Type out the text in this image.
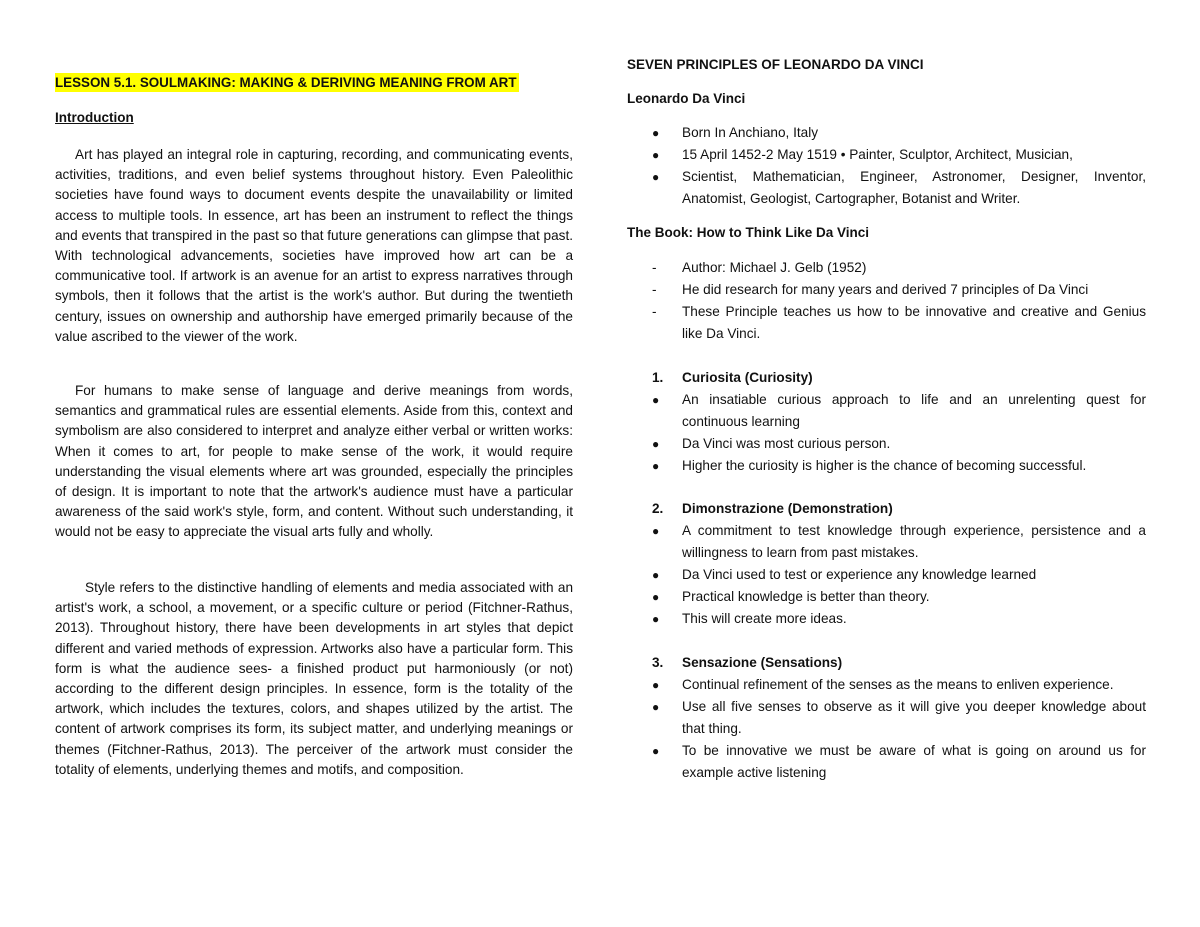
LESSON 5.1. SOULMAKING: MAKING & DERIVING MEANING FROM ART
Introduction

Art has played an integral role in capturing, recording, and communicating events, activities, traditions, and even belief systems throughout history. Even Paleolithic societies have found ways to document events despite the unavailability or limited access to multiple tools. In essence, art has been an instrument to reflect the things and events that transpired in the past so that future generations can glimpse that past. With technological advancements, societies have improved how art can be a communicative tool. If artwork is an avenue for an artist to express narratives through symbols, then it follows that the artist is the work's author. But during the twentieth century, issues on ownership and authorship have emerged primarily because of the value ascribed to the viewer of the work.

For humans to make sense of language and derive meanings from words, semantics and grammatical rules are essential elements. Aside from this, context and symbolism are also considered to interpret and analyze either verbal or written works: When it comes to art, for people to make sense of the work, it would require understanding the visual elements where art was grounded, especially the principles of design. It is important to note that the artwork's audience must have a particular awareness of the said work's style, form, and content. Without such understanding, it would not be easy to appreciate the visual arts fully and wholly.

Style refers to the distinctive handling of elements and media associated with an artist's work, a school, a movement, or a specific culture or period (Fitchner-Rathus, 2013). Throughout history, there have been developments in art styles that depict different and varied methods of expression. Artworks also have a particular form. This form is what the audience sees- a finished product put harmoniously (or not) according to the different design principles. In essence, form is the totality of the artwork, which includes the textures, colors, and shapes utilized by the artist. The content of artwork comprises its form, its subject matter, and underlying meanings or themes (Fitchner-Rathus, 2013). The perceiver of the artwork must consider the totality of elements, underlying themes and motifs, and composition.

SEVEN PRINCIPLES OF LEONARDO DA VINCI
Leonardo Da Vinci
● Born In Anchiano, Italy
● 15 April 1452-2 May 1519 • Painter, Sculptor, Architect, Musician,
● Scientist, Mathematician, Engineer, Astronomer, Designer, Inventor, Anatomist, Geologist, Cartographer, Botanist and Writer.
The Book: How to Think Like Da Vinci
- Author: Michael J. Gelb (1952)
- He did research for many years and derived 7 principles of Da Vinci
- These Principle teaches us how to be innovative and creative and Genius like Da Vinci.
1. Curiosita (Curiosity)
● An insatiable curious approach to life and an unrelenting quest for continuous learning
● Da Vinci was most curious person.
● Higher the curiosity is higher is the chance of becoming successful.
2. Dimonstrazione (Demonstration)
● A commitment to test knowledge through experience, persistence and a willingness to learn from past mistakes.
● Da Vinci used to test or experience any knowledge learned
● Practical knowledge is better than theory.
● This will create more ideas.
3. Sensazione (Sensations)
● Continual refinement of the senses as the means to enliven experience.
● Use all five senses to observe as it will give you deeper knowledge about that thing.
● To be innovative we must be aware of what is going on around us for example active listening
